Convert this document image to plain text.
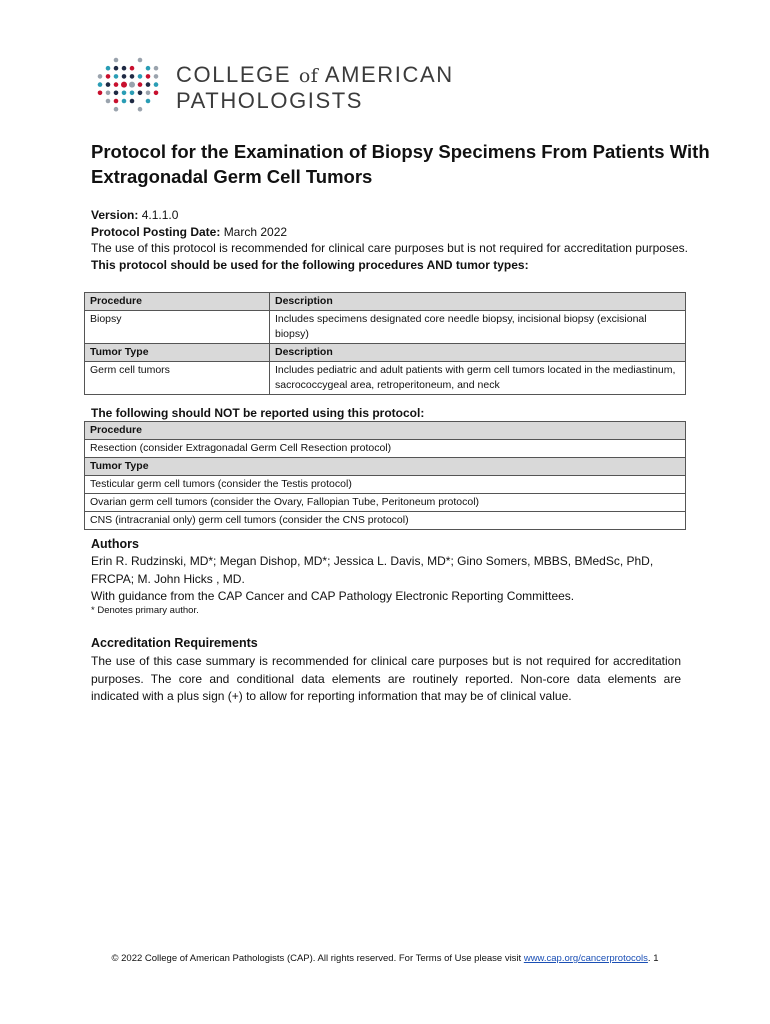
COLLEGE of AMERICAN
PATHOLOGISTS
Protocol for the Examination of Biopsy Specimens From Patients With Extragonadal Germ Cell Tumors
Version: 4.1.1.0
Protocol Posting Date: March 2022
The use of this protocol is recommended for clinical care purposes but is not required for accreditation purposes.
This protocol should be used for the following procedures AND tumor types:
Procedure	Description
Biopsy	Includes specimens designated core needle biopsy, incisional biopsy (excisional biopsy)
Tumor Type	Description
Germ cell tumors	Includes pediatric and adult patients with germ cell tumors located in the mediastinum, sacrococcygeal area, retroperitoneum, and neck
The following should NOT be reported using this protocol:
Procedure
Resection (consider Extragonadal Germ Cell Resection protocol)
Tumor Type
Testicular germ cell tumors (consider the Testis protocol)
Ovarian germ cell tumors (consider the Ovary, Fallopian Tube, Peritoneum protocol)
CNS (intracranial only) germ cell tumors (consider the CNS protocol)
Authors
Erin R. Rudzinski, MD*; Megan Dishop, MD*; Jessica L. Davis, MD*; Gino Somers, MBBS, BMedSc, PhD, FRCPA; M. John Hicks , MD.
With guidance from the CAP Cancer and CAP Pathology Electronic Reporting Committees.
* Denotes primary author.
Accreditation Requirements
The use of this case summary is recommended for clinical care purposes but is not required for accreditation purposes. The core and conditional data elements are routinely reported. Non-core data elements are indicated with a plus sign (+) to allow for reporting information that may be of clinical value.
© 2022 College of American Pathologists (CAP). All rights reserved. For Terms of Use please visit www.cap.org/cancerprotocols. 1
